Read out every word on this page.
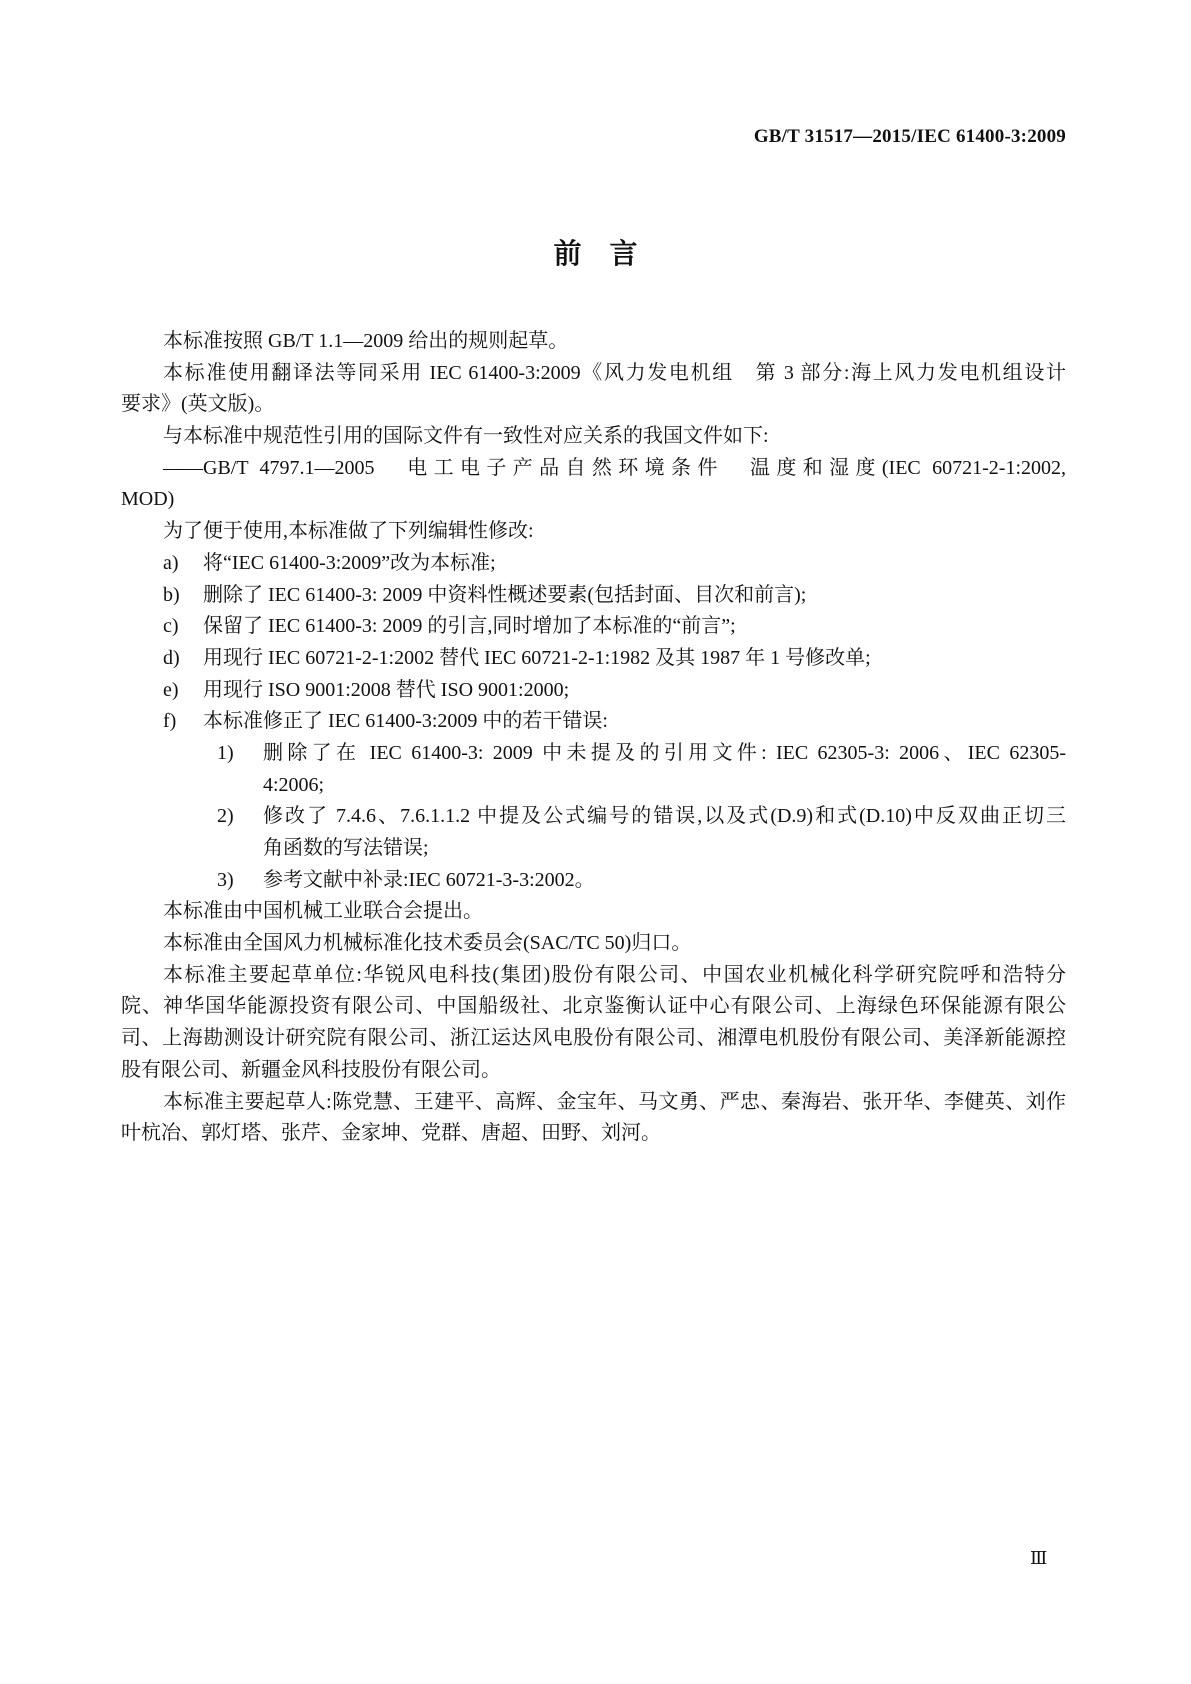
GB/T 31517—2015/IEC 61400-3:2009
前言
本标准按照 GB/T 1.1—2009 给出的规则起草。
本标准使用翻译法等同采用 IEC 61400-3:2009《风力发电机组　第 3 部分:海上风力发电机组设计
要求》(英文版)。
与本标准中规范性引用的国际文件有一致性对应关系的我国文件如下:
——GB/T 4797.1—2005　电工电子产品自然环境条件　温度和湿度(IEC 60721-2-1:2002,
MOD)
为了便于使用,本标准做了下列编辑性修改:
a) 将“IEC 61400-3:2009”改为本标准;
b) 删除了 IEC 61400-3: 2009 中资料性概述要素(包括封面、目次和前言);
c) 保留了 IEC 61400-3: 2009 的引言,同时增加了本标准的“前言”;
d) 用现行 IEC 60721-2-1:2002 替代 IEC 60721-2-1:1982 及其 1987 年 1 号修改单;
e) 用现行 ISO 9001:2008 替代 ISO 9001:2000;
f) 本标准修正了 IEC 61400-3:2009 中的若干错误:
1)	删除了在 IEC 61400-3: 2009 中未提及的引用文件: IEC 62305-3: 2006、IEC 62305-
4:2006;
2)	修改了 7.4.6、7.6.1.1.2 中提及公式编号的错误,以及式(D.9)和式(D.10)中反双曲正切三
角函数的写法错误;
3) 参考文献中补录:IEC 60721-3-3:2002。
本标准由中国机械工业联合会提出。
本标准由全国风力机械标准化技术委员会(SAC/TC 50)归口。
本标准主要起草单位:华锐风电科技(集团)股份有限公司、中国农业机械化科学研究院呼和浩特分
院、神华国华能源投资有限公司、中国船级社、北京鉴衡认证中心有限公司、上海绿色环保能源有限公
司、上海勘测设计研究院有限公司、浙江运达风电股份有限公司、湘潭电机股份有限公司、美泽新能源控
股有限公司、新疆金风科技股份有限公司。
本标准主要起草人:陈党慧、王建平、高辉、金宝年、马文勇、严忠、秦海岩、张开华、李健英、刘作
叶杭冶、郭灯塔、张芹、金家坤、党群、唐超、田野、刘河。
Ⅲ
